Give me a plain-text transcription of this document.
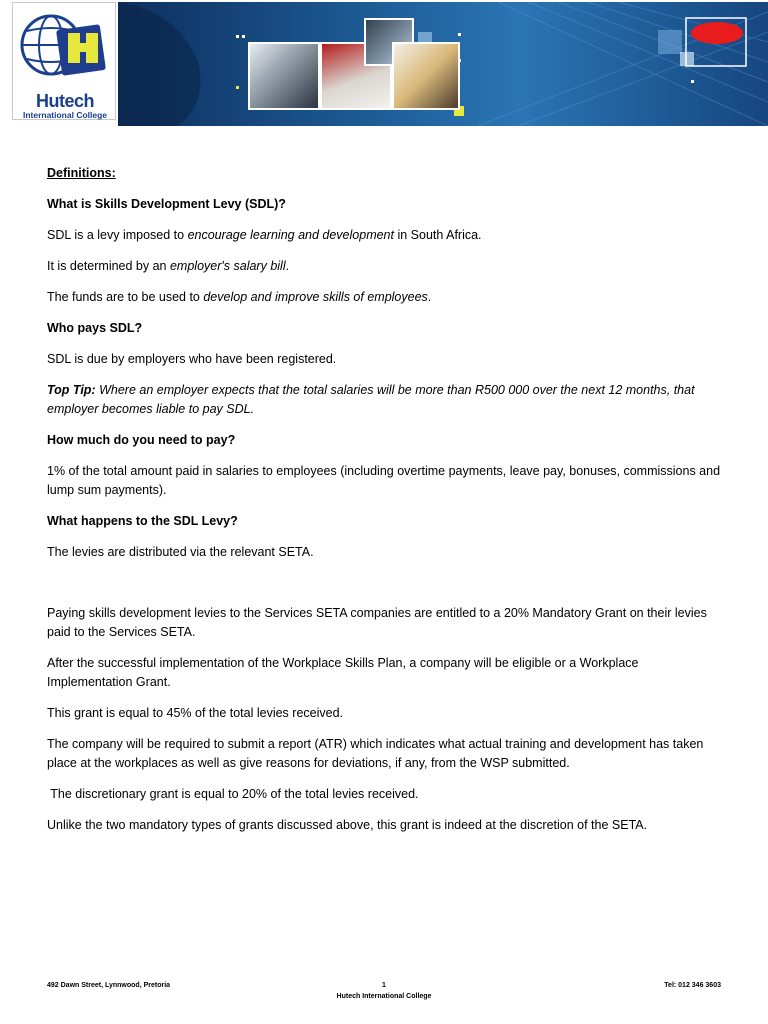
Hutech
International College

Definitions:

What is Skills Development Levy (SDL)?

SDL is a levy imposed to encourage learning and development in South Africa.

It is determined by an employer's salary bill.

The funds are to be used to develop and improve skills of employees.

Who pays SDL?

SDL is due by employers who have been registered.

Top Tip: Where an employer expects that the total salaries will be more than R500 000 over the next 12 months, that employer becomes liable to pay SDL.

How much do you need to pay?

1% of the total amount paid in salaries to employees (including overtime payments, leave pay, bonuses, commissions and lump sum payments).

What happens to the SDL Levy?

The levies are distributed via the relevant SETA.

Paying skills development levies to the Services SETA companies are entitled to a 20% Mandatory Grant on their levies paid to the Services SETA.

After the successful implementation of the Workplace Skills Plan, a company will be eligible or a Workplace Implementation Grant.

This grant is equal to 45% of the total levies received.

The company will be required to submit a report (ATR) which indicates what actual training and development has taken place at the workplaces as well as give reasons for deviations, if any, from the WSP submitted.

The discretionary grant is equal to 20% of the total levies received.

Unlike the two mandatory types of grants discussed above, this grant is indeed at the discretion of the SETA.

492 Dawn Street, Lynnwood, Pretoria	1
Hutech International College
Tel: 012 346 3603
